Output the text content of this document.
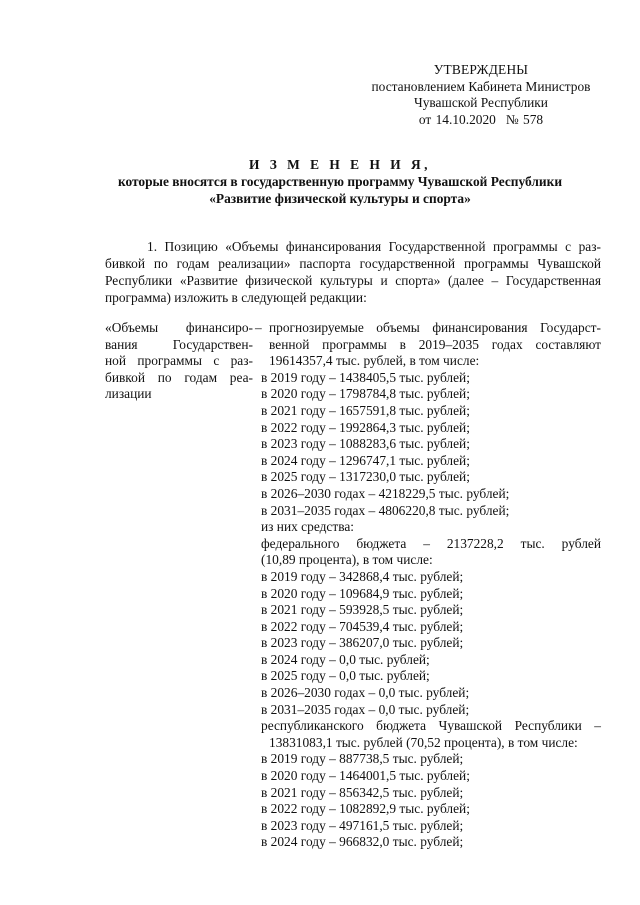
УТВЕРЖДЕНЫ
постановлением Кабинета Министров
Чувашской Республики
от 14.10.2020 № 578
И З М Е Н Е Н И Я,
которые вносятся в государственную программу Чувашской Республики
«Развитие физической культуры и спорта»
1. Позицию «Объемы финансирования Государственной программы с раз-
бивкой по годам реализации» паспорта государственной программы Чувашской
Республики «Развитие физической культуры и спорта» (далее – Государственная
программа) изложить в следующей редакции:
«Объемы финансиро-
вания Государствен-
ной программы с раз-
бивкой по годам реа-
лизации
– прогнозируемые объемы финансирования Государст-
венной программы в 2019–2035 годах составляют
19614357,4 тыс. рублей, в том числе:
в 2019 году – 1438405,5 тыс. рублей;
в 2020 году – 1798784,8 тыс. рублей;
в 2021 году – 1657591,8 тыс. рублей;
в 2022 году – 1992864,3 тыс. рублей;
в 2023 году – 1088283,6 тыс. рублей;
в 2024 году – 1296747,1 тыс. рублей;
в 2025 году – 1317230,0 тыс. рублей;
в 2026–2030 годах – 4218229,5 тыс. рублей;
в 2031–2035 годах – 4806220,8 тыс. рублей;
из них средства:
федерального бюджета – 2137228,2 тыс. рублей
(10,89 процента), в том числе:
в 2019 году – 342868,4 тыс. рублей;
в 2020 году – 109684,9 тыс. рублей;
в 2021 году – 593928,5 тыс. рублей;
в 2022 году – 704539,4 тыс. рублей;
в 2023 году – 386207,0 тыс. рублей;
в 2024 году – 0,0 тыс. рублей;
в 2025 году – 0,0 тыс. рублей;
в 2026–2030 годах – 0,0 тыс. рублей;
в 2031–2035 годах – 0,0 тыс. рублей;
республиканского бюджета Чувашской Республики –
13831083,1 тыс. рублей (70,52 процента), в том числе:
в 2019 году – 887738,5 тыс. рублей;
в 2020 году – 1464001,5 тыс. рублей;
в 2021 году – 856342,5 тыс. рублей;
в 2022 году – 1082892,9 тыс. рублей;
в 2023 году – 497161,5 тыс. рублей;
в 2024 году – 966832,0 тыс. рублей;
